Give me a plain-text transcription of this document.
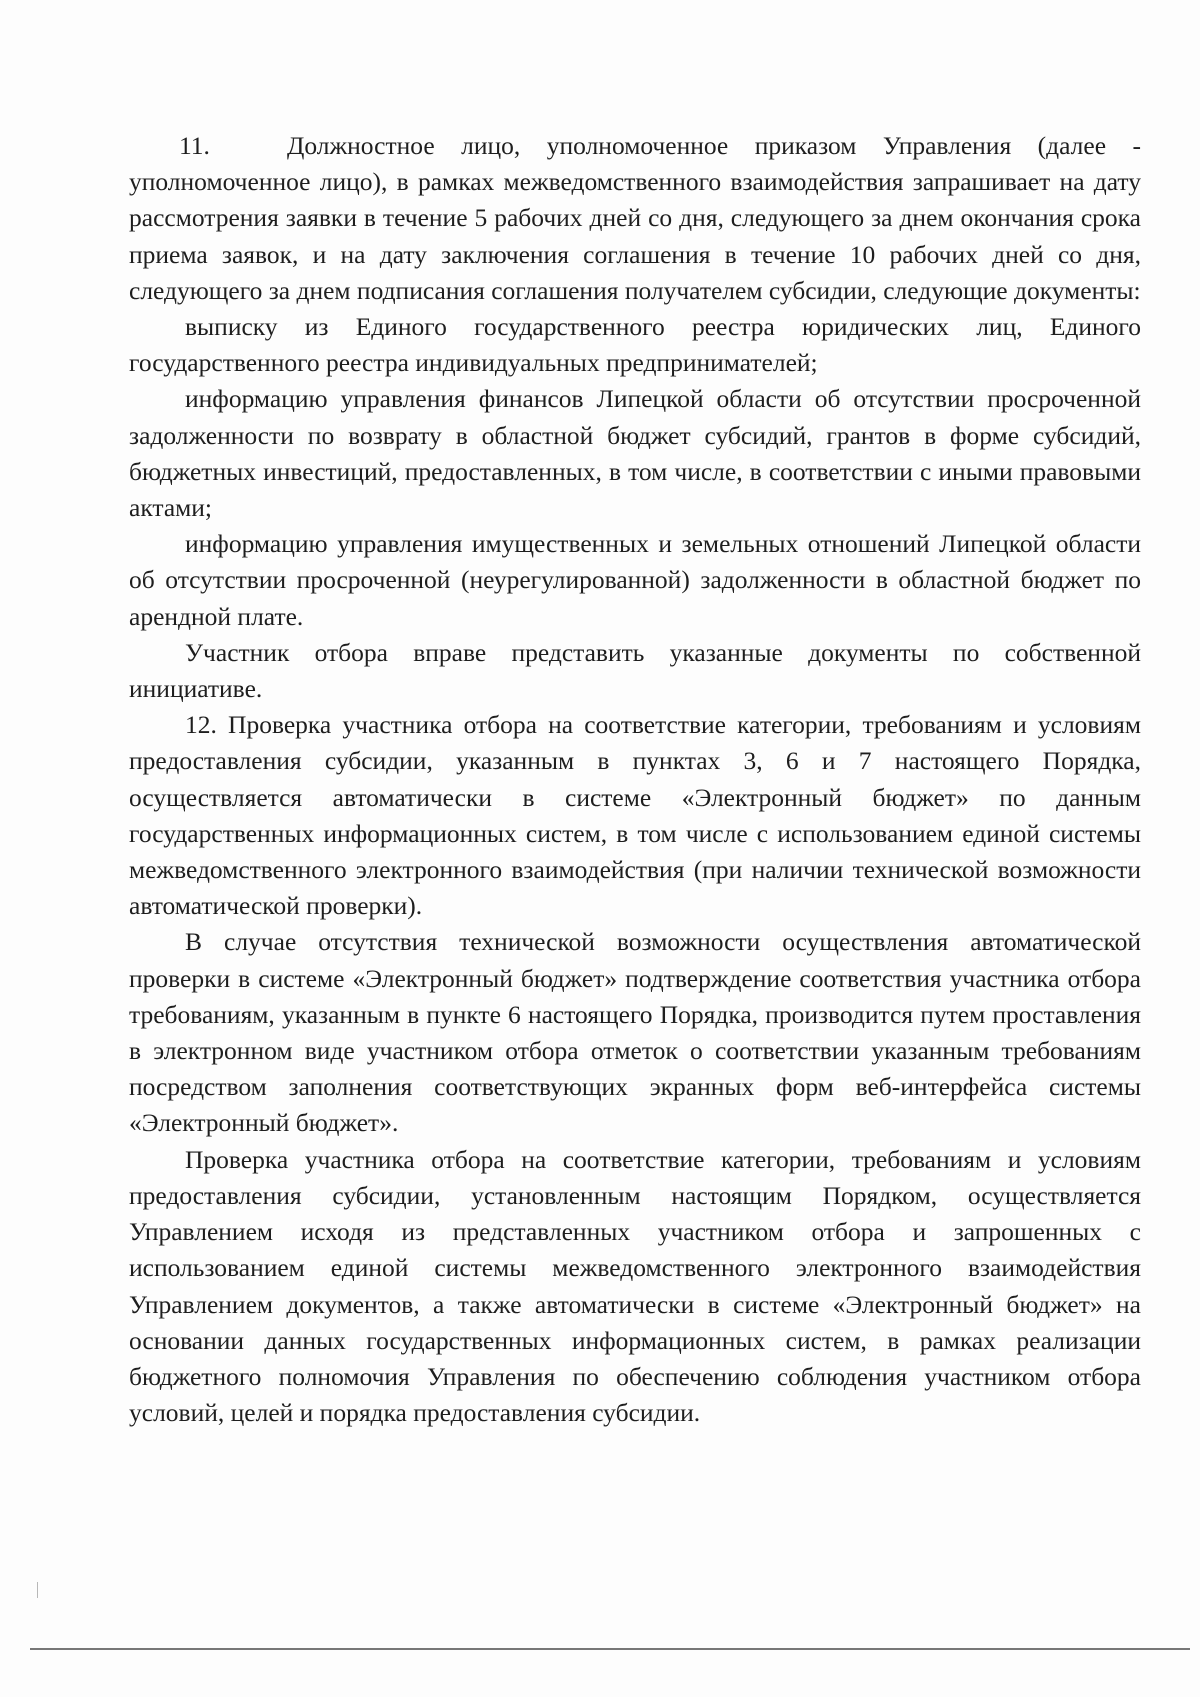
11.	Должностное лицо, уполномоченное приказом Управления (далее - уполномоченное лицо), в рамках межведомственного взаимодействия запрашивает на дату рассмотрения заявки в течение 5 рабочих дней со дня, следующего за днем окончания срока приема заявок, и на дату заключения соглашения в течение 10 рабочих дней со дня, следующего за днем подписания соглашения получателем субсидии, следующие документы:

выписку из Единого государственного реестра юридических лиц, Единого государственного реестра индивидуальных предпринимателей;

информацию управления финансов Липецкой области об отсутствии просроченной задолженности по возврату в областной бюджет субсидий, грантов в форме субсидий, бюджетных инвестиций, предоставленных, в том числе, в соответствии с иными правовыми актами;

информацию управления имущественных и земельных отношений Липецкой области об отсутствии просроченной (неурегулированной) задолженности в областной бюджет по арендной плате.

Участник отбора вправе представить указанные документы по собственной инициативе.

12. Проверка участника отбора на соответствие категории, требованиям и условиям предоставления субсидии, указанным в пунктах 3, 6 и 7 настоящего Порядка, осуществляется автоматически в системе «Электронный бюджет» по данным государственных информационных систем, в том числе с использованием единой системы межведомственного электронного взаимодействия (при наличии технической возможности автоматической проверки).

В случае отсутствия технической возможности осуществления автоматической проверки в системе «Электронный бюджет» подтверждение соответствия участника отбора требованиям, указанным в пункте 6 настоящего Порядка, производится путем проставления в электронном виде участником отбора отметок о соответствии указанным требованиям посредством заполнения соответствующих экранных форм веб-интерфейса системы «Электронный бюджет».

Проверка участника отбора на соответствие категории, требованиям и условиям предоставления субсидии, установленным настоящим Порядком, осуществляется Управлением исходя из представленных участником отбора и запрошенных с использованием единой системы межведомственного электронного взаимодействия Управлением документов, а также автоматически в системе «Электронный бюджет» на основании данных государственных информационных систем, в рамках реализации бюджетного полномочия Управления по обеспечению соблюдения участником отбора условий, целей и порядка предоставления субсидии.
